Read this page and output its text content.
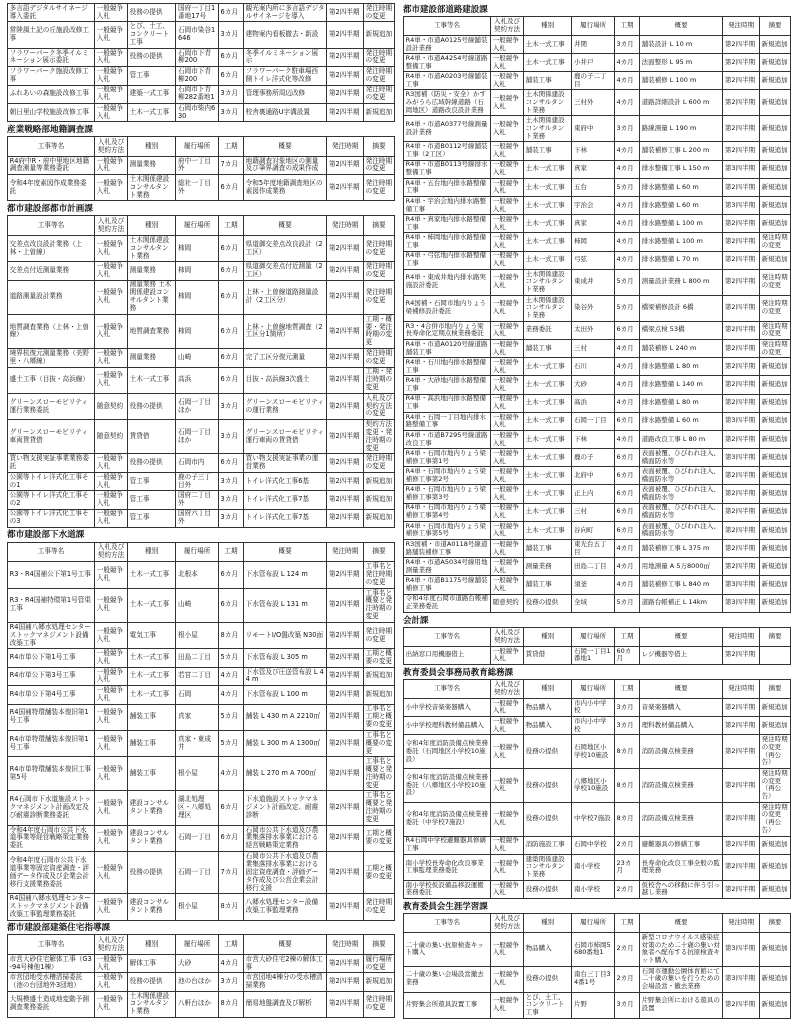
多言語デジタルサイネージ導入委託	一般競争入札	役務の提供	国府一丁目1番地17号	6カ月	観光案内所に多言語デジタルサイネージを導入	第2四半期	発注時期の変更
常陸風土記の丘施設改修工事	一般競争入札	とび、土工、コンクリート工事	石岡市染谷1646	3カ月	建物案内看板撤去・新設	第2四半期	新規追加
フラワーパーク冬季イルミネーション展示委託	一般競争入札	役務の提供	石岡市下青柳200	6カ月	冬季イルミネーション展示	第2四半期	発注時期の変更
フラワーパーク施設改修工事	一般競争入札	管工事	石岡市下青柳200	6カ月	フラワーパーク駐車場西側トイレ洋式化等改修	第2四半期	発注時期の変更
ふれあいの森施設改修工事	一般競争入札	建築一式工事	石岡市下青柳282番地1	3カ月	管理事務所周辺改修	第2四半期	発注時期の変更
朝日里山学校施設改修工事	一般競争入札	土木一式工事	石岡市柴内630	3カ月	校舎裏通路U字溝設置	第2四半期	新規追加
産業戦略部地籍調査課
工事等名	入札及び契約方法	種別	履行場所	工期	概要	発注時期	摘要
R4府中R・府中里地区地籍調査測量等業務委託	一般競争入札	測量業務	府中一丁目外	7カ月	地籍調査対象地区の測量及び筆界調査の成果作成	第2四半期	発注時期の変更
令和4年度素図作成業務委託	一般競争入札	土木関係建設コンサルタント業務	総社一丁目外	6カ月	令和5年度地籍調査地区の素図作成業務	第2四半期	発注時期の変更
都市建設部都市計画課
工事等名	入札及び契約方法	種別	履行場所	工期	概要	発注時期	摘要
交差点改良設計業務（上林・上曽線）	一般競争入札	土木関係建設コンサルタント業務	柿岡	6カ月	県道御交差点改良設計（2工区）	第2四半期	発注時期の変更
交差点付近測量業務	一般競争入札	測量業務	柿岡	6カ月	県道御交差点付近測量（2工区）	第2四半期	発注時期の変更
道路測量設計業務	一般競争入札	測量業務 土木関係建設コンサルタント業務	柿岡	6カ月	上林・上曽線道路測量設計（2工区分）	第2四半期	発注時期の変更
地質調査業務（上林・上曽線）	一般競争入札	地質調査業務	柿岡	6カ月	上林・上曽線地質調査（2工区分1箇所）	第2四半期	工期・概要・発注時期の変更
境界杭復元測量業務（美野里・八郷線）	一般競争入札	測量業務	山崎	6カ月	完了工区分復元測量	第2四半期	発注時期の変更
盛土工事（目抜・高浜線）	一般競争入札	土木一式工事	高浜	6カ月	目抜・高浜線3次盛土	第2四半期	工期・発注時期の変更
グリーンスローモビリティ運行業務委託	随意契約	役務の提供	石岡一丁目ほか	3カ月	グリーンスローモビリティの運行業務	第2四半期	入札及び契約方法の変更
グリーンスローモビリティ車両賃貸借	随意契約	賃貸借	石岡一丁目ほか	3カ月	グリーンスローモビリティ運行車両の賃貸借	第2四半期	契約方法変更・発注時期の変更
買い物支援実証事業業務委託	一般競争入札	役務の提供	石岡市内	6カ月	買い物支援実証事業の運営業務	第2四半期	発注時期の変更
公園等トイレ洋式化工事その1	一般競争入札	管工事	鹿の子三丁目外	3カ月	トイレ洋式化工事6基	第2四半期	新規追加
公園等トイレ洋式化工事その2	一般競争入札	管工事	国府二丁目外	3カ月	トイレ洋式化工事7基	第2四半期	新規追加
公園等トイレ洋式化工事その3	一般競争入札	管工事	国府六丁目外	3カ月	トイレ洋式化工事7基	第2四半期	新規追加
都市建設部下水道課
工事等名	入札及び契約方法	種別	履行場所	工期	概要	発注時期	摘要
R3・R4国補公下第1号工事	一般競争入札	土木一式工事	北根本	6カ月	下水管布設 L 124 m	第2四半期	工事名と発注時期の変更
R3・R4国補特環第1号管渠工事	一般競争入札	土木一式工事	山崎	6カ月	下水管布設 L 131 m	第2四半期	工事名と概要と発注時期の変更
R4国補八郷水処理センターストックマネジメント設備改築工事	一般競争入札	電気工事	根小屋	8カ月	リモートI/O盤改築 N30面	第2四半期	発注時期の変更
R4市単公下第1号工事	一般競争入札	土木一式工事	田島二丁目	5カ月	下水管布設 L 305 m	第2四半期	工期と概要の変更
R4市単公下第3号工事	一般競争入札	土木一式工事	若宮二丁目	4カ月	下水管及び圧送管布設 L 44 m	第2四半期	新規追加
R4市単公下第4号工事	一般競争入札	土木一式工事	石岡	4カ月	下水管布設 L 100 m	第2四半期	新規追加
R4国補特環舗装本復旧第1号工事	一般競争入札	舗装工事	真家	5カ月	舗装 L 430 m A 2210㎡	第2四半期	工事名と工期と概要の変更
R4市単特環舗装本復旧第1号工事	一般競争入札	舗装工事	真家・東成井	5カ月	舗装 L 300 m A 1300㎡	第2四半期	工事名と概要の変更
R4市単特環舗装本復旧工事第5号	一般競争入札	舗装工事	根小屋	4カ月	舗装 L 270 m A 700㎡	第2四半期	工事名と概要と発注時期の変更
R4石岡市下水道施設ストックマネジメント計画改定及び耐震診断業務委託	一般競争入札	建設コンサルタント業務	湖北処理区・八郷処理区	6カ月	下水道施設ストックマネジメント計画改定、耐震診断	第2四半期	工事名と概要と発注時期の変更
令和4年度石岡市公共下水道事業等経営戦略策定業務委託	一般競争入札	建設コンサルタント業務	石岡一丁目	6カ月	石岡市公共下水道及び農業集落排水事業における経営戦略策定業務	第2四半期	工期と概要の変更
令和4年度石岡市公共下水道事業等固定資産調査・評価データ作成及び企業会計移行支援業務委託	一般競争入札	役務の提供	石岡一丁目	7カ月	石岡市公共下水道及び農業集落排水事業における固定資産調査・評価データ作成及び公営企業会計移行支援	第2四半期	工期と概要の変更
R4国補八郷水処理センターストックマネジメント設備改築工事監理業務委託	一般競争入札	建設コンサルタント業務	根小屋	8カ月	八郷水処理センター設備改築工事監理業務	第2四半期	発注時期の変更
都市建設部建築住宅指導課
工事等名	入札及び契約方法	種別	履行場所	工期	概要	発注時期	摘要
市営大砂住宅解体工事（G3-94号棟他1棟）	一般競争入札	解体工事	大砂	4カ月	市営大砂住宅2棟の解体工事	第2四半期	履行場所の変更
市営団地受水槽清掃委託（池の台団地外3団地）	一般競争入札	役務の提供	池の台ほか	3カ月	市営団地4棟分の受水槽清掃業務	第2四半期	新規追加
大規模盛土造成地変動予測調査業務委託	一般競争入札	土木関係建設コンサルタント業務	八軒台ほか	8カ月	簡易地盤調査及び解析	第2四半期	発注時期の変更
都市建設部道路建設課
工事等名	入札及び契約方法	種別	履行場所	工期	概要	発注時期	摘要
R4単・市道A0125号線舗装設計業務	一般競争入札	土木一式工事	井関	3カ月	舗装設計 L 10 m	第2四半期	新規追加
R4単・市道A4254号線道路整備工事	一般競争入札	土木一式工事	小井戸	4カ月	法面整形 L 95 m	第2四半期	新規追加
R4単・市道A0203号線舗装工事	一般競争入札	舗装工事	鹿の子二丁目	4カ月	舗装補修 L 100 m	第2四半期	新規追加
R3国補（防災・安全）かすみがうら広域幹線道路（石岡地区）道路改良設計業務	一般競争入札	土木関係建設コンサルタント業務	三村外	4カ月	道路詳細設計 L 600 m	第2四半期	新規追加
R4単・市道A0377号線測量設計業務	一般競争入札	土木関係建設コンサルタント業務	東府中	3カ月	路線測量 L 190 m	第2四半期	新規追加
R4単・市道B0112号線舗装工事（2工区）	一般競争入札	舗装工事	下林	4カ月	舗装補修工事 L 200 m	第2四半期	新規追加
R4単・市道B0113号線排水整備工事	一般競争入札	土木一式工事	真家	4カ月	排水整備工事 L 150 m	第3四半期	新規追加
R4単・五台地内排水路整備工事	一般競争入札	土木一式工事	五台	5カ月	排水路整備 L 60 m	第2四半期	新規追加
R4単・宇治会地内排水路整備工事	一般競争入札	土木一式工事	宇治会	4カ月	排水路整備 L 60 m	第3四半期	新規追加
R4単・真家地内排水路整備工事	一般競争入札	土木一式工事	真家	4カ月	排水路整備 L 100 m	第2四半期	新規追加
R4単・柿岡地内排水路整備工事	一般競争入札	土木一式工事	柿岡	4カ月	排水路整備 L 100 m	第2四半期	発注時期の変更
R4単・弓弦地内排水路整備工事	一般競争入札	土木一式工事	弓弦	4カ月	排水路整備 L 70 m	第2四半期	新規追加
R4単・東成井地内排水路実施設計委託	一般競争入札	土木関係建設コンサルタント業務	東成井	5カ月	測量設計業務 L 800 m	第2四半期	発注時期の変更
R4国補・石岡市地内りょう梁補修設計委託	一般競争入札	土木関係建設コンサルタント業務	染谷外	5カ月	橋梁補修設計 6橋	第2四半期	発注時期の変更
R3・4合併市地内りょう梁長寿命化定期点検業務委託	一般競争入札	業務委託	太田外	6カ月	橋梁点検 53橋	第2四半期	発注時期の変更
R4単・市道A0120号線道路舗装工事	一般競争入札	舗装工事	三村	4カ月	舗装補修 L 240 m	第2四半期	発注時期の変更
R4単・石川地内排水路整備工事	一般競争入札	土木一式工事	石川	4カ月	排水路整備 L 80 m	第2四半期	新規追加
R4単・大砂地内排水路整備工事	一般競争入札	土木一式工事	大砂	4カ月	排水路整備 L 140 m	第2四半期	新規追加
R4単・高浜地内排水路整備工事	一般競争入札	土木一式工事	高浜	4カ月	排水路整備 L 80 m	第2四半期	新規追加
R4単・石岡一丁目地内排水路整備工事	一般競争入札	土木一式工事	石岡一丁目	6カ月	排水路整備 L 60 m	第3四半期	新規追加
R4単・市道B7295号線道路改良工事	一般競争入札	土木一式工事	下林	4カ月	道路改良工事 L 80 m	第2四半期	新規追加
R4単・石岡市地内りょう梁補修工事第1号	一般競争入札	土木一式工事	鹿の子	6カ月	表面被覆、ひびわれ注入、橋面防水等	第3四半期	新規追加
R4単・石岡市地内りょう梁補修工事第2号	一般競争入札	土木一式工事	北府中	6カ月	表面被覆、ひびわれ注入、橋面防水等	第2四半期	新規追加
R4単・石岡市地内りょう梁補修工事第3号	一般競争入札	土木一式工事	正上内	6カ月	表面被覆、ひびわれ注入、橋面防水等	第2四半期	新規追加
R4単・石岡市地内りょう梁補修工事第4号	一般競争入札	土木一式工事	三村	6カ月	表面被覆、ひびわれ注入、橋面防水等	第2四半期	新規追加
R4単・石岡市地内りょう梁補修工事第5号	一般競争入札	土木一式工事	谷向町	6カ月	表面被覆、ひびわれ注入、橋面防水等	第2四半期	新規追加
R3国補・市道A0118号線道路舗装補修工事	一般競争入札	舗装工事	東光台五丁目	4カ月	舗装補修工事 L 375 m	第2四半期	新規追加
R4単・市道A5034号線用地測量業務	一般競争入札	測量業務	田島二丁目	4カ月	用地測量 A 5万8000㎡	第2四半期	新規追加
R4単・市道B1175号線舗装補修工事	一般競争入札	舗装工事	須釜	4カ月	舗装補修工事 L 840 m	第3四半期	新規追加
令和4年度石岡市道路台帳補正業務委託	随意契約	役務の提供	全域	5カ月	道路台帳補正 L 14km	第3四半期	新規追加
会計課
工事等名	入札及び契約方法	種別	履行場所	工期	概要	発注時期	摘要
出納窓口用機器借上	一般競争入札	賃貸借	石岡一丁目1番地1	60カ月	レジ機器等借上	第2四半期	
教育委員会事務局教育総務課
工事等名	入札及び契約方法	種別	履行場所	工期	概要	発注時期	摘要
小中学校音楽楽器購入	一般競争入札	物品購入	市内小中学校	3カ月	音楽楽器購入	第2四半期	新規追加
小中学校理科教材備品購入	一般競争入札	物品購入	市内小中学校	3カ月	理科教材備品購入	第2四半期	新規追加
令和4年度消防設備点検業務委託（石岡地区小学校10施設）	一般競争入札	役務の提供	石岡地区小学校10施設	8カ月	消防設備点検業務	第2四半期	発注時期の変更（再公告）
令和4年度消防設備点検業務委託（八郷地区小学校10施設）	一般競争入札	役務の提供	八郷地区小学校10施設	8カ月	消防設備点検業務	第2四半期	発注時期の変更（再公告）
令和4年度消防設備点検業務委託（中学校7施設）	一般競争入札	役務の提供	中学校7施設	8カ月	消防設備点検業務	第2四半期	発注時期の変更（再公告）
R4石岡中学校避難器具修繕工事	一般競争入札	消防施設工事	石岡中学校	2カ月	避難器具の修繕工事	第2四半期	新規追加
南小学校長寿命化改良事業工事監理業務委託	一般競争入札	建築関係建設コンサルタント業務	南小学校	23カ月	長寿命化改良工事全般の監理業務	第2四半期	新規追加
南小学校仮設備品移設運搬業務委託	一般競争入札	役務の提供	南小学校	2カ月	仮校舎への移動に伴う引っ越し業務	第2四半期	新規追加
教育委員会生涯学習課
工事等名	入札及び契約方法	種別	履行場所	工期	概要	発注時期	摘要
二十歳の集い抗原検査キット購入	一般競争入札	物品購入	石岡市柿岡5680番地1	2カ月	新型コロナウイルス感染症対策のため二十歳の集い対象者へ配布する抗原検査キット購入	第3四半期	新規追加
二十歳の集い会場設営撤去業務	一般競争入札	役務の提供	南台三丁目34番1号	2カ月	石岡市運動公園体育館にて二十歳の集いを行うための会場設営・撤去業務	第3四半期	新規追加
片野集会所遊具設置工事	一般競争入札	とび、土工、コンクリート工事	片野	3カ月	片野集会所における遊具の設置	第2四半期	新規追加
